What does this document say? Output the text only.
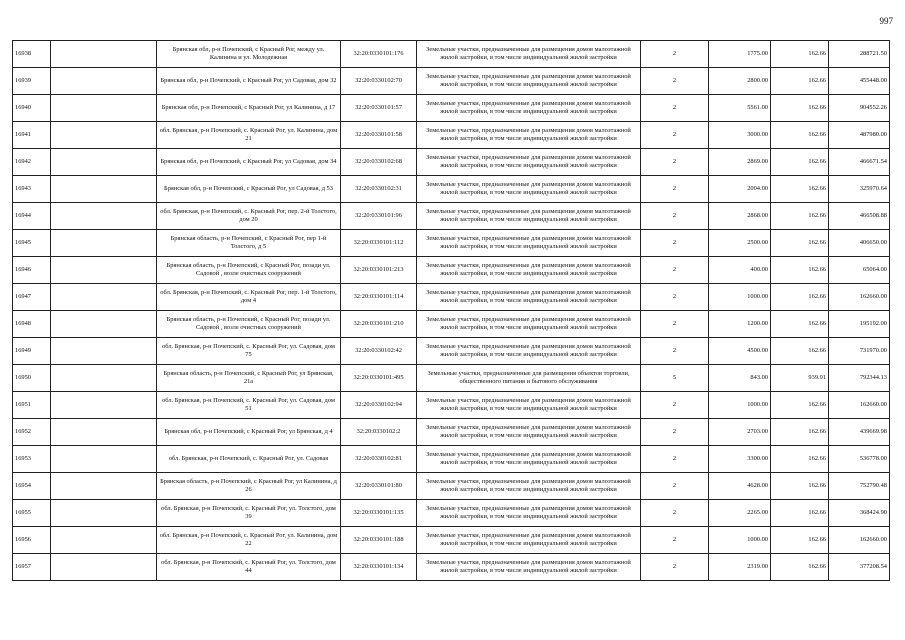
997
16938		Брянская обл, р-н Почепский, с Красный Рог, между ул. Калинина и ул. Молодежная	32:20:0330101:176	Земельные участки, предназначенные для размещения домов малоэтажной жилой застройки, в том числе индивидуальной жилой застройки	2	1775.00	162.66	288721.50
16939		Брянская обл, р-н Почепский, с Красный Рог, ул Садовая, дом 32	32:20:0330102:70	Земельные участки, предназначенные для размещения домов малоэтажной жилой застройки, в том числе индивидуальной жилой застройки	2	2800.00	162.66	455448.00
16940		Брянская обл, р-н Почепский, с Красный Рог, ул Калинина, д 17	32:20:0330101:57	Земельные участки, предназначенные для размещения домов малоэтажной жилой застройки, в том числе индивидуальной жилой застройки	2	5561.00	162.66	904552.26
16941		обл. Брянская, р-н Почепский, с. Красный Рог, ул. Калинина, дом 21	32:20:0330101:58	Земельные участки, предназначенные для размещения домов малоэтажной жилой застройки, в том числе индивидуальной жилой застройки	2	3000.00	162.66	487980.00
16942		Брянская обл, р-н Почепский, с Красный Рог, ул Садовая, дом 34	32:20:0330102:68	Земельные участки, предназначенные для размещения домов малоэтажной жилой застройки, в том числе индивидуальной жилой застройки	2	2869.00	162.66	466671.54
16943		Брянская обл, р-н Почепский, с Красный Рог, ул Садовая, д 53	32:20:0330102:31	Земельные участки, предназначенные для размещения домов малоэтажной жилой застройки, в том числе индивидуальной жилой застройки	2	2004.00	162.66	325970.64
16944		обл. Брянская, р-н Почепский, с. Красный Рог, пер. 2-й Толстого, дом 20	32:20:0330101:96	Земельные участки, предназначенные для размещения домов малоэтажной жилой застройки, в том числе индивидуальной жилой застройки	2	2868.00	162.66	466508.88
16945		Брянская область, р-н Почепский, с Красный Рог, пер 1-й Толстого, д 5	32:20:0330101:112	Земельные участки, предназначенные для размещения домов малоэтажной жилой застройки, в том числе индивидуальной жилой застройки	2	2500.00	162.66	406650.00
16946		Брянская область, р-н Почепский, с Красный Рог, позади ул. Садовой , возле очистных сооружений	32:20:0330101:213	Земельные участки, предназначенные для размещения домов малоэтажной жилой застройки, в том числе индивидуальной жилой застройки	2	400.00	162.66	65064.00
16947		обл. Брянская, р-н Почепский, с. Красный Рог, пер. 1-й Толстого, дом 4	32:20:0330101:114	Земельные участки, предназначенные для размещения домов малоэтажной жилой застройки, в том числе индивидуальной жилой застройки	2	1000.00	162.66	162660.00
16948		Брянская область, р-н Почепский, с Красный Рог, позади ул. Садовой , возле очистных сооружений	32:20:0330101:210	Земельные участки, предназначенные для размещения домов малоэтажной жилой застройки, в том числе индивидуальной жилой застройки	2	1200.00	162.66	195192.00
16949		обл. Брянская, р-н Почепский, с. Красный Рог, ул. Садовая, дом 75	32:20:0330102:42	Земельные участки, предназначенные для размещения домов малоэтажной жилой застройки, в том числе индивидуальной жилой застройки	2	4500.00	162.66	731970.00
16950		Брянская область, р-н Почепский, с Красный Рог, ул Брянская, 21а	32:20:0330101:495	Земельные участки, предназначенные для размещения объектов торговли, общественного питания и бытового обслуживания	5	843.00	939.91	792344.13
16951		обл. Брянская, р-н Почепский, с. Красный Рог, ул. Садовая, дом 51	32:20:0330102:94	Земельные участки, предназначенные для размещения домов малоэтажной жилой застройки, в том числе индивидуальной жилой застройки	2	1000.00	162.66	162660.00
16952		Брянская обл, р-н Почепский, с Красный Рог, ул Брянская, д 4	32:20:0330102:2	Земельные участки, предназначенные для размещения домов малоэтажной жилой застройки, в том числе индивидуальной жилой застройки	2	2703.00	162.66	439669.98
16953		обл. Брянская, р-н Почепский, с. Красный Рог, ул. Садовая	32:20:0330102:81	Земельные участки, предназначенные для размещения домов малоэтажной жилой застройки, в том числе индивидуальной жилой застройки	2	3300.00	162.66	536778.00
16954		Брянская область, р-н Почепский, с Красный Рог, ул Калинина, д 26	32:20:0330101:80	Земельные участки, предназначенные для размещения домов малоэтажной жилой застройки, в том числе индивидуальной жилой застройки	2	4628.00	162.66	752790.48
16955		обл. Брянская, р-н Почепский, с. Красный Рог, ул. Толстого, дом 39	32:20:0330101:135	Земельные участки, предназначенные для размещения домов малоэтажной жилой застройки, в том числе индивидуальной жилой застройки	2	2265.00	162.66	368424.90
16956		обл. Брянская, р-н Почепский, с. Красный Рог, ул. Калинина, дом 22	32:20:0330101:188	Земельные участки, предназначенные для размещения домов малоэтажной жилой застройки, в том числе индивидуальной жилой застройки	2	1000.00	162.66	162660.00
16957		обл. Брянская, р-н Почепский, с. Красный Рог, ул. Толстого, дом 44	32:20:0330101:134	Земельные участки, предназначенные для размещения домов малоэтажной жилой застройки, в том числе индивидуальной жилой застройки	2	2319.00	162.66	377208.54
